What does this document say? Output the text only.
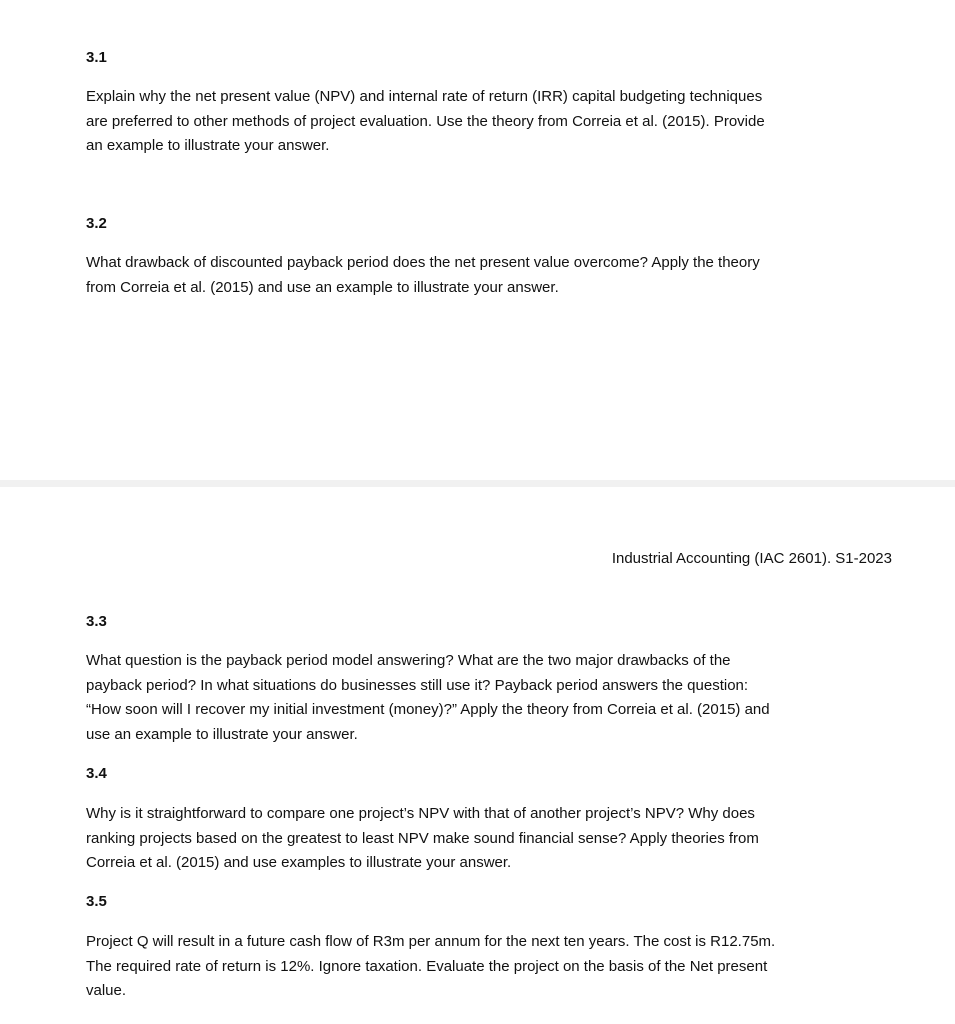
3.1
Explain why the net present value (NPV) and internal rate of return (IRR) capital budgeting techniques
are preferred to other methods of project evaluation. Use the theory from Correia et al. (2015). Provide
an example to illustrate your answer.
3.2
What drawback of discounted payback period does the net present value overcome? Apply the theory
from Correia et al. (2015) and use an example to illustrate your answer.
Industrial Accounting (IAC 2601). S1-2023
3.3
What question is the payback period model answering? What are the two major drawbacks of the
payback period? In what situations do businesses still use it? Payback period answers the question:
“How soon will I recover my initial investment (money)?” Apply the theory from Correia et al. (2015) and
use an example to illustrate your answer.
3.4
Why is it straightforward to compare one project’s NPV with that of another project’s NPV? Why does
ranking projects based on the greatest to least NPV make sound financial sense? Apply theories from
Correia et al. (2015) and use examples to illustrate your answer.
3.5
Project Q will result in a future cash flow of R3m per annum for the next ten years. The cost is R12.75m.
The required rate of return is 12%. Ignore taxation. Evaluate the project on the basis of the Net present
value.
